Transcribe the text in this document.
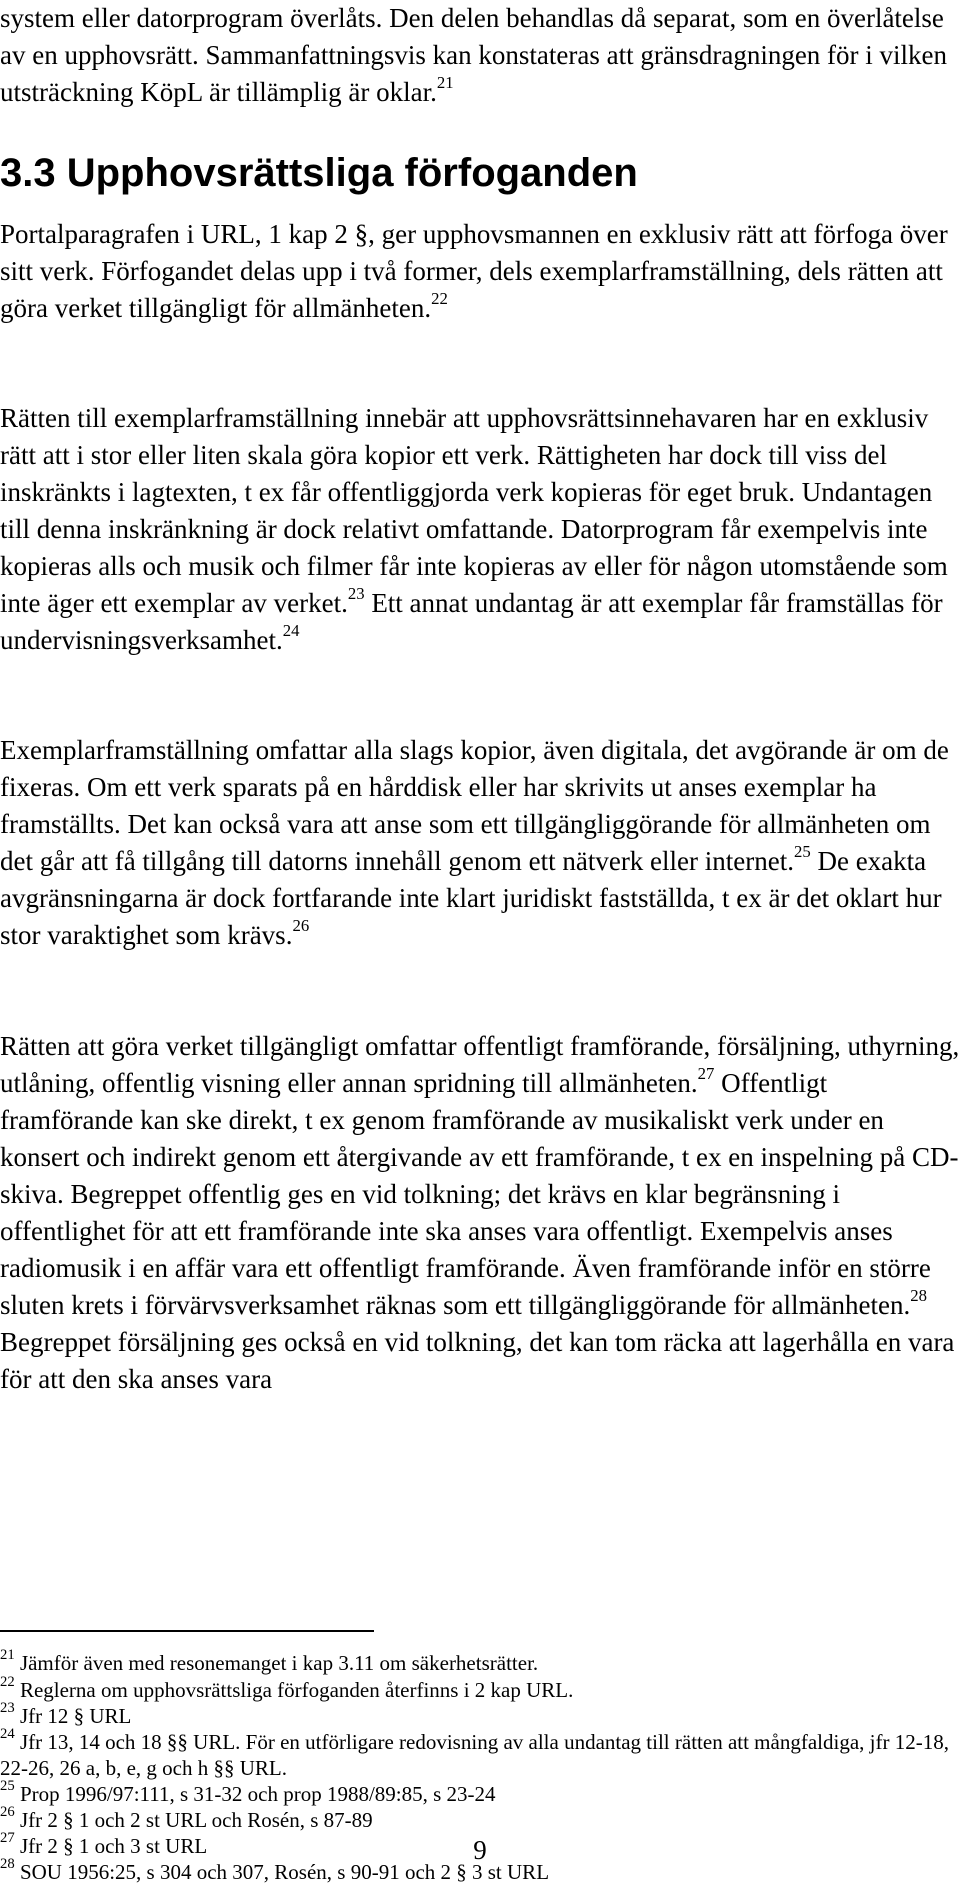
system eller datorprogram överlåts. Den delen behandlas då separat, som en överlåtelse av en upphovsrätt. Sammanfattningsvis kan konstateras att gränsdragningen för i vilken utsträckning KöpL är tillämplig är oklar.$^{21}$

3.3 Upphovsrättsliga förfoganden

Portalparagrafen i URL, 1 kap 2 §, ger upphovsmannen en exklusiv rätt att förfoga över sitt verk. Förfogandet delas upp i två former, dels exemplarframställning, dels rätten att göra verket tillgängligt för allmänheten.$^{22}$

Rätten till exemplarframställning innebär att upphovsrättsinnehavaren har en exklusiv rätt att i stor eller liten skala göra kopior ett verk. Rättigheten har dock till viss del inskränkts i lagtexten, t ex får offentliggjorda verk kopieras för eget bruk. Undantagen till denna inskränkning är dock relativt omfattande. Datorprogram får exempelvis inte kopieras alls och musik och filmer får inte kopieras av eller för någon utomstående som inte äger ett exemplar av verket.$^{23}$ Ett annat undantag är att exemplar får framställas för undervisningsverksamhet.$^{24}$

Exemplarframställning omfattar alla slags kopior, även digitala, det avgörande är om de fixeras. Om ett verk sparats på en hårddisk eller har skrivits ut anses exemplar ha framställts. Det kan också vara att anse som ett tillgängliggörande för allmänheten om det går att få tillgång till datorns innehåll genom ett nätverk eller internet.$^{25}$ De exakta avgränsningarna är dock fortfarande inte klart juridiskt fastställda, t ex är det oklart hur stor varaktighet som krävs.$^{26}$

Rätten att göra verket tillgängligt omfattar offentligt framförande, försäljning, uthyrning, utlåning, offentlig visning eller annan spridning till allmänheten.$^{27}$ Offentligt framförande kan ske direkt, t ex genom framförande av musikaliskt verk under en konsert och indirekt genom ett återgivande av ett framförande, t ex en inspelning på CD-skiva. Begreppet offentlig ges en vid tolkning; det krävs en klar begränsning i offentlighet för att ett framförande inte ska anses vara offentligt. Exempelvis anses radiomusik i en affär vara ett offentligt framförande. Även framförande inför en större sluten krets i förvärvsverksamhet räknas som ett tillgängliggörande för allmänheten.$^{28}$ Begreppet försäljning ges också en vid tolkning, det kan tom räcka att lagerhålla en vara för att den ska anses vara

$^{21}$ Jämför även med resonemanget i kap 3.11 om säkerhetsrätter.

$^{22}$ Reglerna om upphovsrättsliga förfoganden återfinns i 2 kap URL.

$^{23}$ Jfr 12 § URL

$^{24}$ Jfr 13, 14 och 18 §§ URL. För en utförligare redovisning av alla undantag till rätten att mångfaldiga, jfr 12-18, 22-26, 26 a, b, e, g och h §§ URL.

$^{25}$ Prop 1996/97:111, s 31-32 och prop 1988/89:85, s 23-24

$^{26}$ Jfr 2 § 1 och 2 st URL och Rosén, s 87-89

$^{27}$ Jfr 2 § 1 och 3 st URL

$^{28}$ SOU 1956:25, s 304 och 307, Rosén, s 90-91 och 2 § 3 st URL

9
